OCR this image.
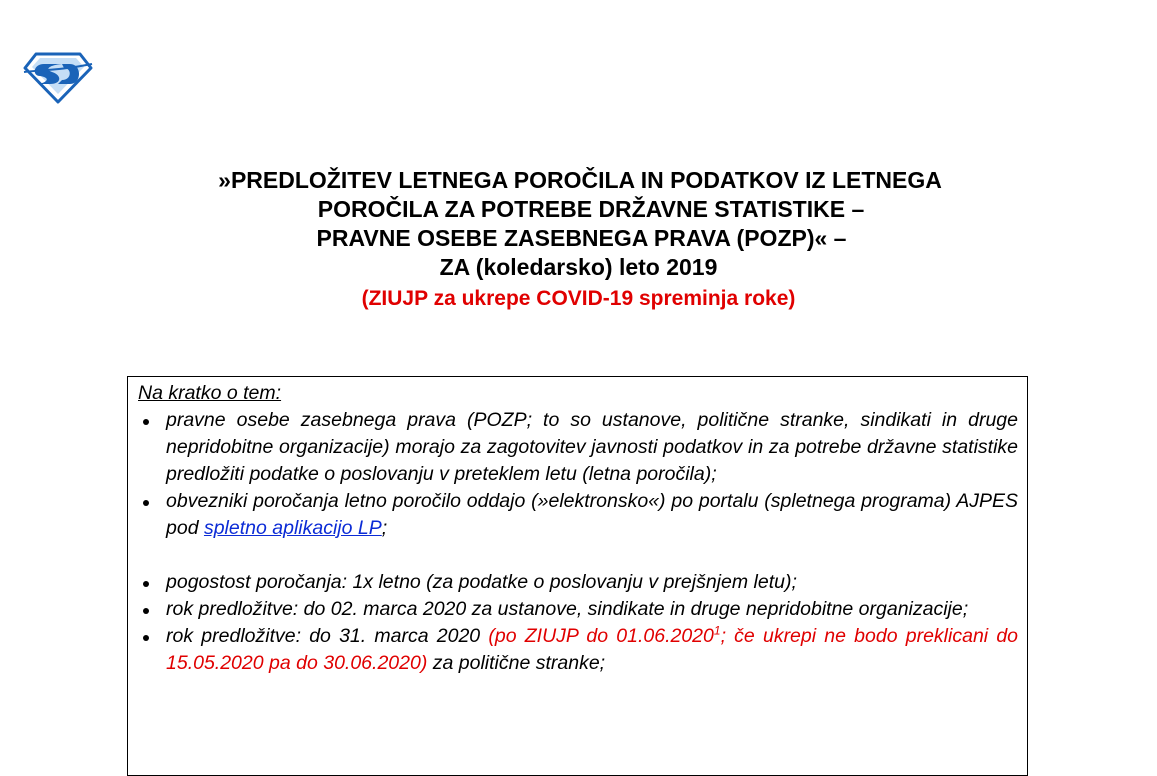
»PREDLOŽITEV LETNEGA POROČILA IN PODATKOV IZ LETNEGA
POROČILA ZA POTREBE DRŽAVNE STATISTIKE –
PRAVNE OSEBE ZASEBNEGA PRAVA (POZP)« –
ZA (koledarsko) leto 2019
(ZIUJP za ukrepe COVID-19 spreminja roke)
Na kratko o tem:
pravne osebe zasebnega prava (POZP; to so ustanove, politične stranke, sindikati in druge nepridobitne organizacije) morajo za zagotovitev javnosti podatkov in za potrebe državne statistike predložiti podatke o poslovanju v preteklem letu (letna poročila);
obvezniki poročanja letno poročilo oddajo (»elektronsko«) po portalu (spletnega programa) AJPES pod spletno aplikacijo LP;
pogostost poročanja: 1x letno (za podatke o poslovanju v prejšnjem letu);
rok predložitve: do 02. marca 2020 za ustanove, sindikate in druge nepridobitne organizacije;
rok predložitve: do 31. marca 2020 (po ZIUJP do 01.06.2020$^1$; če ukrepi ne bodo preklicani do 15.05.2020 pa do 30.06.2020) za politične stranke;
